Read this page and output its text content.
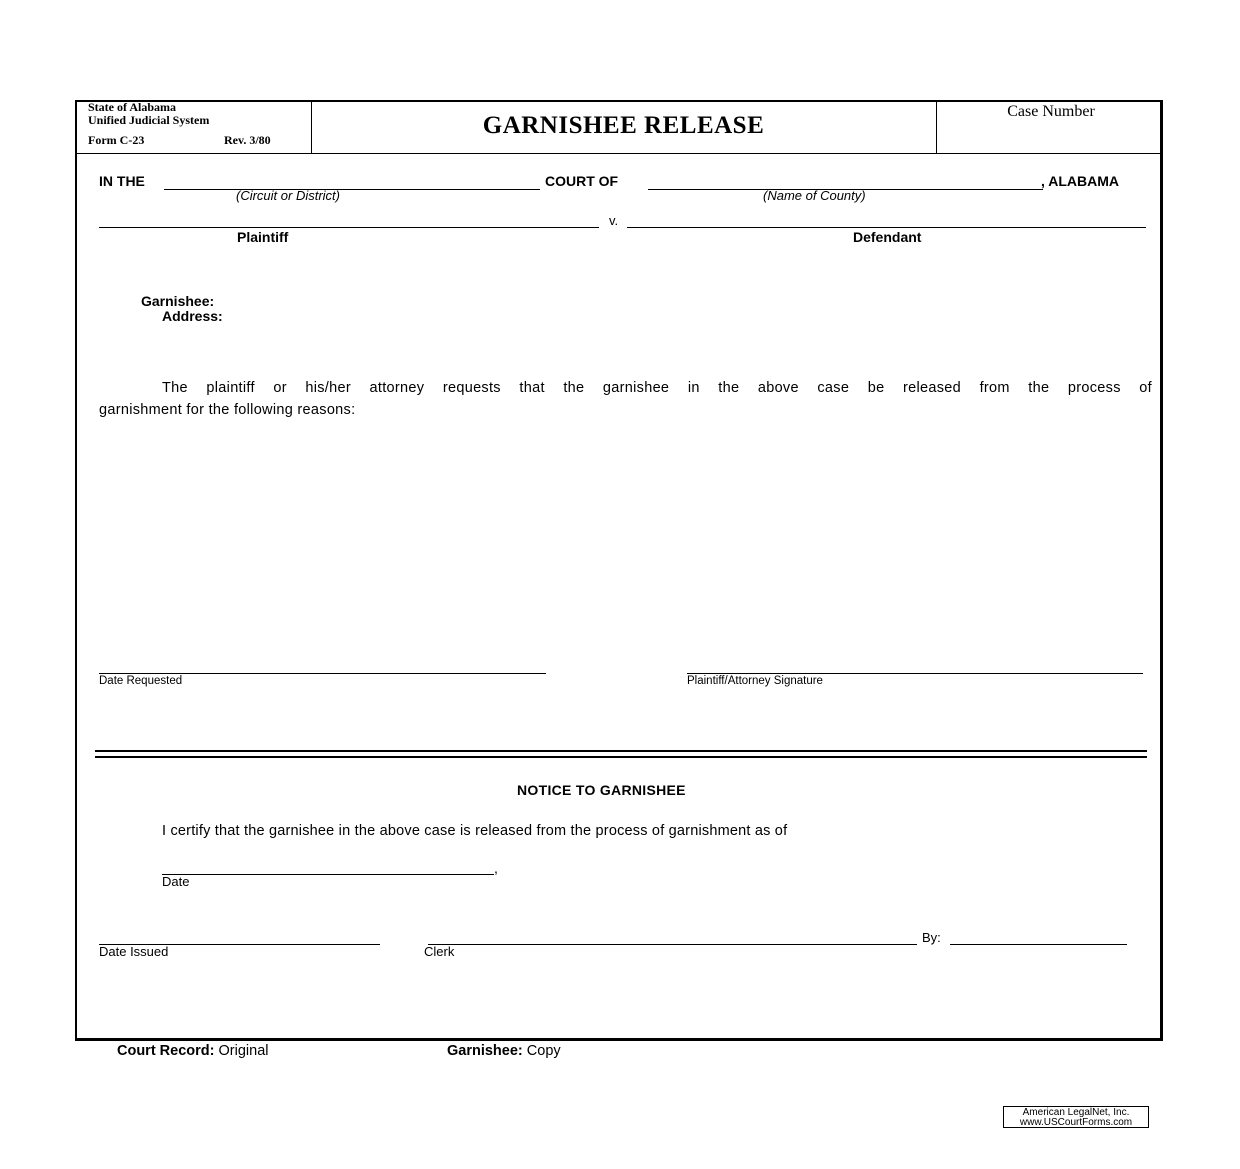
State of Alabama
Unified Judicial System
Form C-23	Rev. 3/80
GARNISHEE RELEASE
Case Number
IN THE	COURT OF	, ALABAMA
(Circuit or District)	(Name of County)
v.
Plaintiff	Defendant
Garnishee:
Address:
The plaintiff or his/her attorney requests that the garnishee in the above case be released from the process of
garnishment for the following reasons:
Date Requested	Plaintiff/Attorney Signature
NOTICE TO GARNISHEE
I certify that the garnishee in the above case is released from the process of garnishment as of
,
Date
Date Issued	Clerk
By:
Court Record: Original	Garnishee: Copy
American LegalNet, Inc.
www.USCourtForms.com
